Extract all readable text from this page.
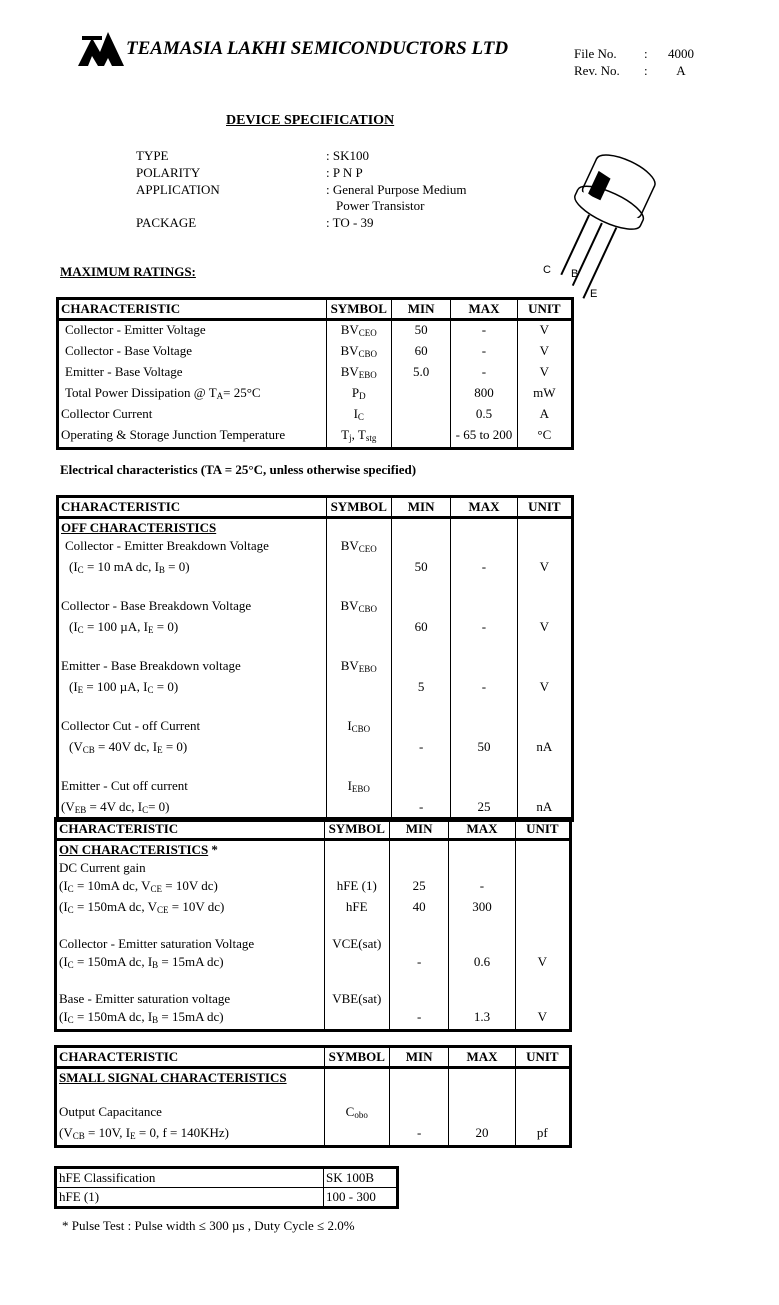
TEAMASIA LAKHI SEMICONDUCTORS LTD	File No. : 4000
Rev. No. : A
DEVICE SPECIFICATION
TYPE	: SK100
POLARITY	: P N P
APPLICATION	: General Purpose Medium
Power Transistor
PACKAGE	: TO - 39
C B
E
MAXIMUM RATINGS:
CHARACTERISTIC	SYMBOL	MIN	MAX	UNIT
Collector - Emitter Voltage	$BV_{CEO}$	50	-	V
Collector - Base Voltage	$BV_{CBO}$	60	-	V
Emitter - Base Voltage	$BV_{EBO}$	5.0	-	V
Total Power Dissipation @ $T_A= 25^\circ C$	$P_D$		800	mW
Collector Current	$I_C$		0.5	A
Operating & Storage Junction Temperature	$T_j$, $T_{stg}$		- 65 to 200	°C
Electrical characteristics (TA = 25°C, unless otherwise specified)
CHARACTERISTIC	SYMBOL	MIN	MAX	UNIT
OFF CHARACTERISTICS				
Collector - Emitter Breakdown Voltage	$BV_{CEO}$			
($I_C = 10$ mA dc, $I_B = 0$)		50	-	V

Collector - Base Breakdown Voltage	$BV_{CBO}$			
($I_C = 100$ µA, $I_E = 0$)		60	-	V

Emitter - Base Breakdown voltage	$BV_{EBO}$			
($I_E = 100$ µA, $I_C = 0$)		5	-	V

Collector Cut - off Current	$I_{CBO}$			
($V_{CB} = 40V$ dc, $I_E = 0$)		-	50	nA

Emitter - Cut off current	$I_{EBO}$			
($V_{EB} = 4V$ dc, $I_C= 0$)		-	25	nA
CHARACTERISTIC	SYMBOL	MIN	MAX	UNIT
ON CHARACTERISTICS *				
DC Current gain				
($I_C = 10mA$ dc, $V_{CE} = 10V$ dc)	hFE (1)	25	-	
($I_C = 150mA$ dc, $V_{CE} = 10V$ dc)	hFE	40	300	

Collector - Emitter saturation Voltage	VCE(sat)			
($I_C = 150mA$ dc, $I_B = 15mA$ dc)		-	0.6	V

Base - Emitter saturation voltage	VBE(sat)			
($I_C = 150mA$ dc, $I_B = 15mA$ dc)		-	1.3	V
CHARACTERISTIC	SYMBOL	MIN	MAX	UNIT
SMALL SIGNAL CHARACTERISTICS				

Output Capacitance	$C_{obo}$			
($V_{CB} = 10V$, $I_E = 0$, f = 140KHz)		-	20	pf
hFE Classification	SK 100B
hFE (1)	100 - 300
* Pulse Test : Pulse width ≤ 300 µs , Duty Cycle ≤ 2.0%
